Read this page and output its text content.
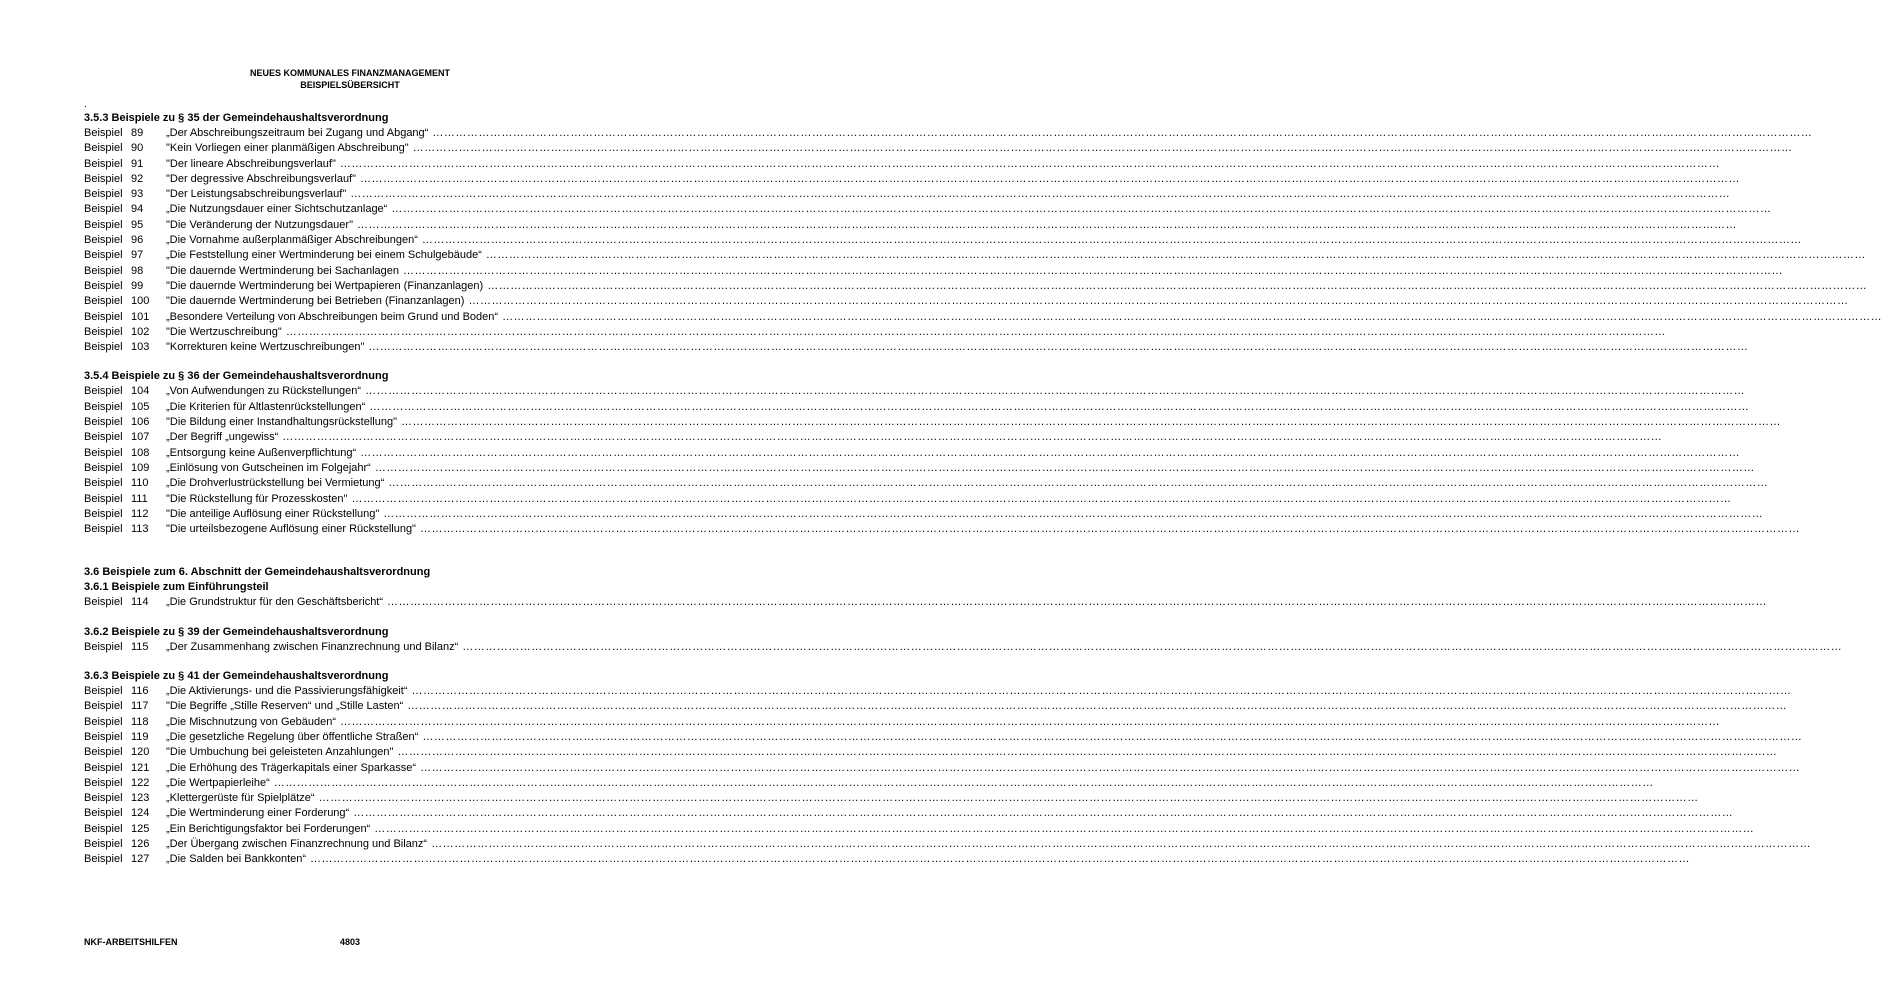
NEUES KOMMUNALES FINANZMANAGEMENT
BEISPIELSÜBERSICHT
.
3.5.3 Beispiele zu § 35 der Gemeindehaushaltsverordnung
Beispiel 89	„Der Abschreibungszeitraum bei Zugang und Abgang“ ………………………………………………………………………………………………………………………………………………………………………………………………………………………………………………………………………………………………………………………………
Beispiel 90	"Kein Vorliegen einer planmäßigen Abschreibung" ………………………………………………………………………………………………………………………………………………………………………………………………………………………………………………………………………………………………………………………………
Beispiel 91	"Der lineare Abschreibungsverlauf" ………………………………………………………………………………………………………………………………………………………………………………………………………………………………………………………………………………………………………………………………
Beispiel 92	"Der degressive Abschreibungsverlauf" ………………………………………………………………………………………………………………………………………………………………………………………………………………………………………………………………………………………………………………………………
Beispiel 93	"Der Leistungsabschreibungsverlauf" ………………………………………………………………………………………………………………………………………………………………………………………………………………………………………………………………………………………………………………………………
Beispiel 94	„Die Nutzungsdauer einer Sichtschutzanlage“ ………………………………………………………………………………………………………………………………………………………………………………………………………………………………………………………………………………………………………………………………
Beispiel 95	"Die Veränderung der Nutzungsdauer" ………………………………………………………………………………………………………………………………………………………………………………………………………………………………………………………………………………………………………………………………
Beispiel 96	„Die Vornahme außerplanmäßiger Abschreibungen“ ………………………………………………………………………………………………………………………………………………………………………………………………………………………………………………………………………………………………………………………………
Beispiel 97	„Die Feststellung einer Wertminderung bei einem Schulgebäude“ ………………………………………………………………………………………………………………………………………………………………………………………………………………………………………………………………………………………………………………………………
Beispiel 98	"Die dauernde Wertminderung bei Sachanlagen ………………………………………………………………………………………………………………………………………………………………………………………………………………………………………………………………………………………………………………………………
Beispiel 99	"Die dauernde Wertminderung bei Wertpapieren (Finanzanlagen) ………………………………………………………………………………………………………………………………………………………………………………………………………………………………………………………………………………………………………………………………
Beispiel 100	"Die dauernde Wertminderung bei Betrieben (Finanzanlagen) ………………………………………………………………………………………………………………………………………………………………………………………………………………………………………………………………………………………………………………………………
Beispiel 101	„Besondere Verteilung von Abschreibungen beim Grund und Boden“ ………………………………………………………………………………………………………………………………………………………………………………………………………………………………………………………………………………………………………………………………
Beispiel 102	"Die Wertzuschreibung" ………………………………………………………………………………………………………………………………………………………………………………………………………………………………………………………………………………………………………………………………
Beispiel 103	"Korrekturen keine Wertzuschreibungen" ………………………………………………………………………………………………………………………………………………………………………………………………………………………………………………………………………………………………………………………………
3.5.4 Beispiele zu § 36 der Gemeindehaushaltsverordnung
Beispiel 104	„Von Aufwendungen zu Rückstellungen“ ………………………………………………………………………………………………………………………………………………………………………………………………………………………………………………………………………………………………………………………………
Beispiel 105	„Die Kriterien für Altlastenrückstellungen“ ………………………………………………………………………………………………………………………………………………………………………………………………………………………………………………………………………………………………………………………………
Beispiel 106	"Die Bildung einer Instandhaltungsrückstellung" ………………………………………………………………………………………………………………………………………………………………………………………………………………………………………………………………………………………………………………………………
Beispiel 107	„Der Begriff „ungewiss“ ………………………………………………………………………………………………………………………………………………………………………………………………………………………………………………………………………………………………………………………………
Beispiel 108	„Entsorgung keine Außenverpflichtung“ ………………………………………………………………………………………………………………………………………………………………………………………………………………………………………………………………………………………………………………………………
Beispiel 109	„Einlösung von Gutscheinen im Folgejahr“ ………………………………………………………………………………………………………………………………………………………………………………………………………………………………………………………………………………………………………………………………
Beispiel 110	„Die Drohverlustrückstellung bei Vermietung“ ………………………………………………………………………………………………………………………………………………………………………………………………………………………………………………………………………………………………………………………………
Beispiel 111	"Die Rückstellung für Prozesskosten" ………………………………………………………………………………………………………………………………………………………………………………………………………………………………………………………………………………………………………………………………
Beispiel 112	"Die anteilige Auflösung einer Rückstellung" ………………………………………………………………………………………………………………………………………………………………………………………………………………………………………………………………………………………………………………………………
Beispiel 113	"Die urteilsbezogene Auflösung einer Rückstellung" ………………………………………………………………………………………………………………………………………………………………………………………………………………………………………………………………………………………………………………………………
3.6 Beispiele zum 6. Abschnitt der Gemeindehaushaltsverordnung
3.6.1 Beispiele zum Einführungsteil
Beispiel 114	„Die Grundstruktur für den Geschäftsbericht“ ………………………………………………………………………………………………………………………………………………………………………………………………………………………………………………………………………………………………………………………………
3.6.2 Beispiele zu § 39 der Gemeindehaushaltsverordnung
Beispiel 115	„Der Zusammenhang zwischen Finanzrechnung und Bilanz“ ………………………………………………………………………………………………………………………………………………………………………………………………………………………………………………………………………………………………………………………………
3.6.3 Beispiele zu § 41 der Gemeindehaushaltsverordnung
Beispiel 116	„Die Aktivierungs- und die Passivierungsfähigkeit“ ………………………………………………………………………………………………………………………………………………………………………………………………………………………………………………………………………………………………………………………………
Beispiel 117	"Die Begriffe „Stille Reserven“ und „Stille Lasten“ ………………………………………………………………………………………………………………………………………………………………………………………………………………………………………………………………………………………………………………………………
Beispiel 118	„Die Mischnutzung von Gebäuden“ ………………………………………………………………………………………………………………………………………………………………………………………………………………………………………………………………………………………………………………………………
Beispiel 119	„Die gesetzliche Regelung über öffentliche Straßen“ ………………………………………………………………………………………………………………………………………………………………………………………………………………………………………………………………………………………………………………………………
Beispiel 120	"Die Umbuchung bei geleisteten Anzahlungen" ………………………………………………………………………………………………………………………………………………………………………………………………………………………………………………………………………………………………………………………………
Beispiel 121	„Die Erhöhung des Trägerkapitals einer Sparkasse“ ………………………………………………………………………………………………………………………………………………………………………………………………………………………………………………………………………………………………………………………………
Beispiel 122	„Die Wertpapierleihe“ ………………………………………………………………………………………………………………………………………………………………………………………………………………………………………………………………………………………………………………………………
Beispiel 123	„Klettergerüste für Spielplätze“ ………………………………………………………………………………………………………………………………………………………………………………………………………………………………………………………………………………………………………………………………
Beispiel 124	„Die Wertminderung einer Forderung“ ………………………………………………………………………………………………………………………………………………………………………………………………………………………………………………………………………………………………………………………………
Beispiel 125	„Ein Berichtigungsfaktor bei Forderungen“ ………………………………………………………………………………………………………………………………………………………………………………………………………………………………………………………………………………………………………………………………
Beispiel 126	„Der Übergang zwischen Finanzrechnung und Bilanz“ ………………………………………………………………………………………………………………………………………………………………………………………………………………………………………………………………………………………………………………………………
Beispiel 127	„Die Salden bei Bankkonten“ ………………………………………………………………………………………………………………………………………………………………………………………………………………………………………………………………………………………………………………………………
NKF-ARBEITSHILFEN	4803
